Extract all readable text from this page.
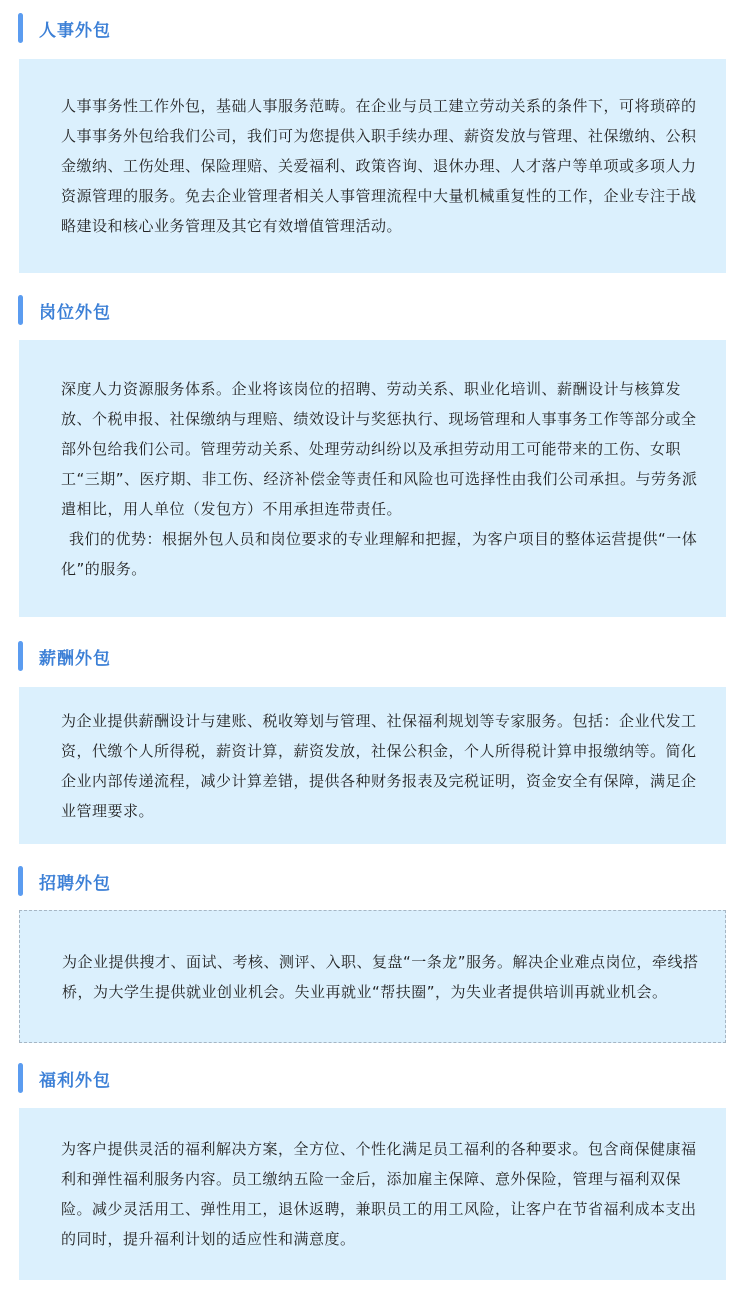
人事外包

人事事务性工作外包，基础人事服务范畴。在企业与员工建立劳动关系的条件下，可将琐碎的人事事务外包给我们公司，我们可为您提供入职手续办理、薪资发放与管理、社保缴纳、公积金缴纳、工伤处理、保险理赔、关爱福利、政策咨询、退休办理、人才落户等单项或多项人力资源管理的服务。免去企业管理者相关人事管理流程中大量机械重复性的工作，企业专注于战略建设和核心业务管理及其它有效增值管理活动。

岗位外包

深度人力资源服务体系。企业将该岗位的招聘、劳动关系、职业化培训、薪酬设计与核算发放、个税申报、社保缴纳与理赔、绩效设计与奖惩执行、现场管理和人事事务工作等部分或全部外包给我们公司。管理劳动关系、处理劳动纠纷以及承担劳动用工可能带来的工伤、女职工“三期”、医疗期、非工伤、经济补偿金等责任和风险也可选择性由我们公司承担。与劳务派遣相比，用人单位（发包方）不用承担连带责任。

我们的优势：根据外包人员和岗位要求的专业理解和把握，为客户项目的整体运营提供“一体化”的服务。

薪酬外包

为企业提供薪酬设计与建账、税收筹划与管理、社保福利规划等专家服务。包括：企业代发工资，代缴个人所得税，薪资计算，薪资发放，社保公积金，个人所得税计算申报缴纳等。简化企业内部传递流程，减少计算差错，提供各种财务报表及完税证明，资金安全有保障，满足企业管理要求。

招聘外包

为企业提供搜才、面试、考核、测评、入职、复盘“一条龙”服务。解决企业难点岗位，牵线搭桥，为大学生提供就业创业机会。失业再就业“帮扶圈”，为失业者提供培训再就业机会。

福利外包

为客户提供灵活的福利解决方案，全方位、个性化满足员工福利的各种要求。包含商保健康福利和弹性福利服务内容。员工缴纳五险一金后，添加雇主保障、意外保险，管理与福利双保险。减少灵活用工、弹性用工，退休返聘，兼职员工的用工风险，让客户在节省福利成本支出的同时，提升福利计划的适应性和满意度。
